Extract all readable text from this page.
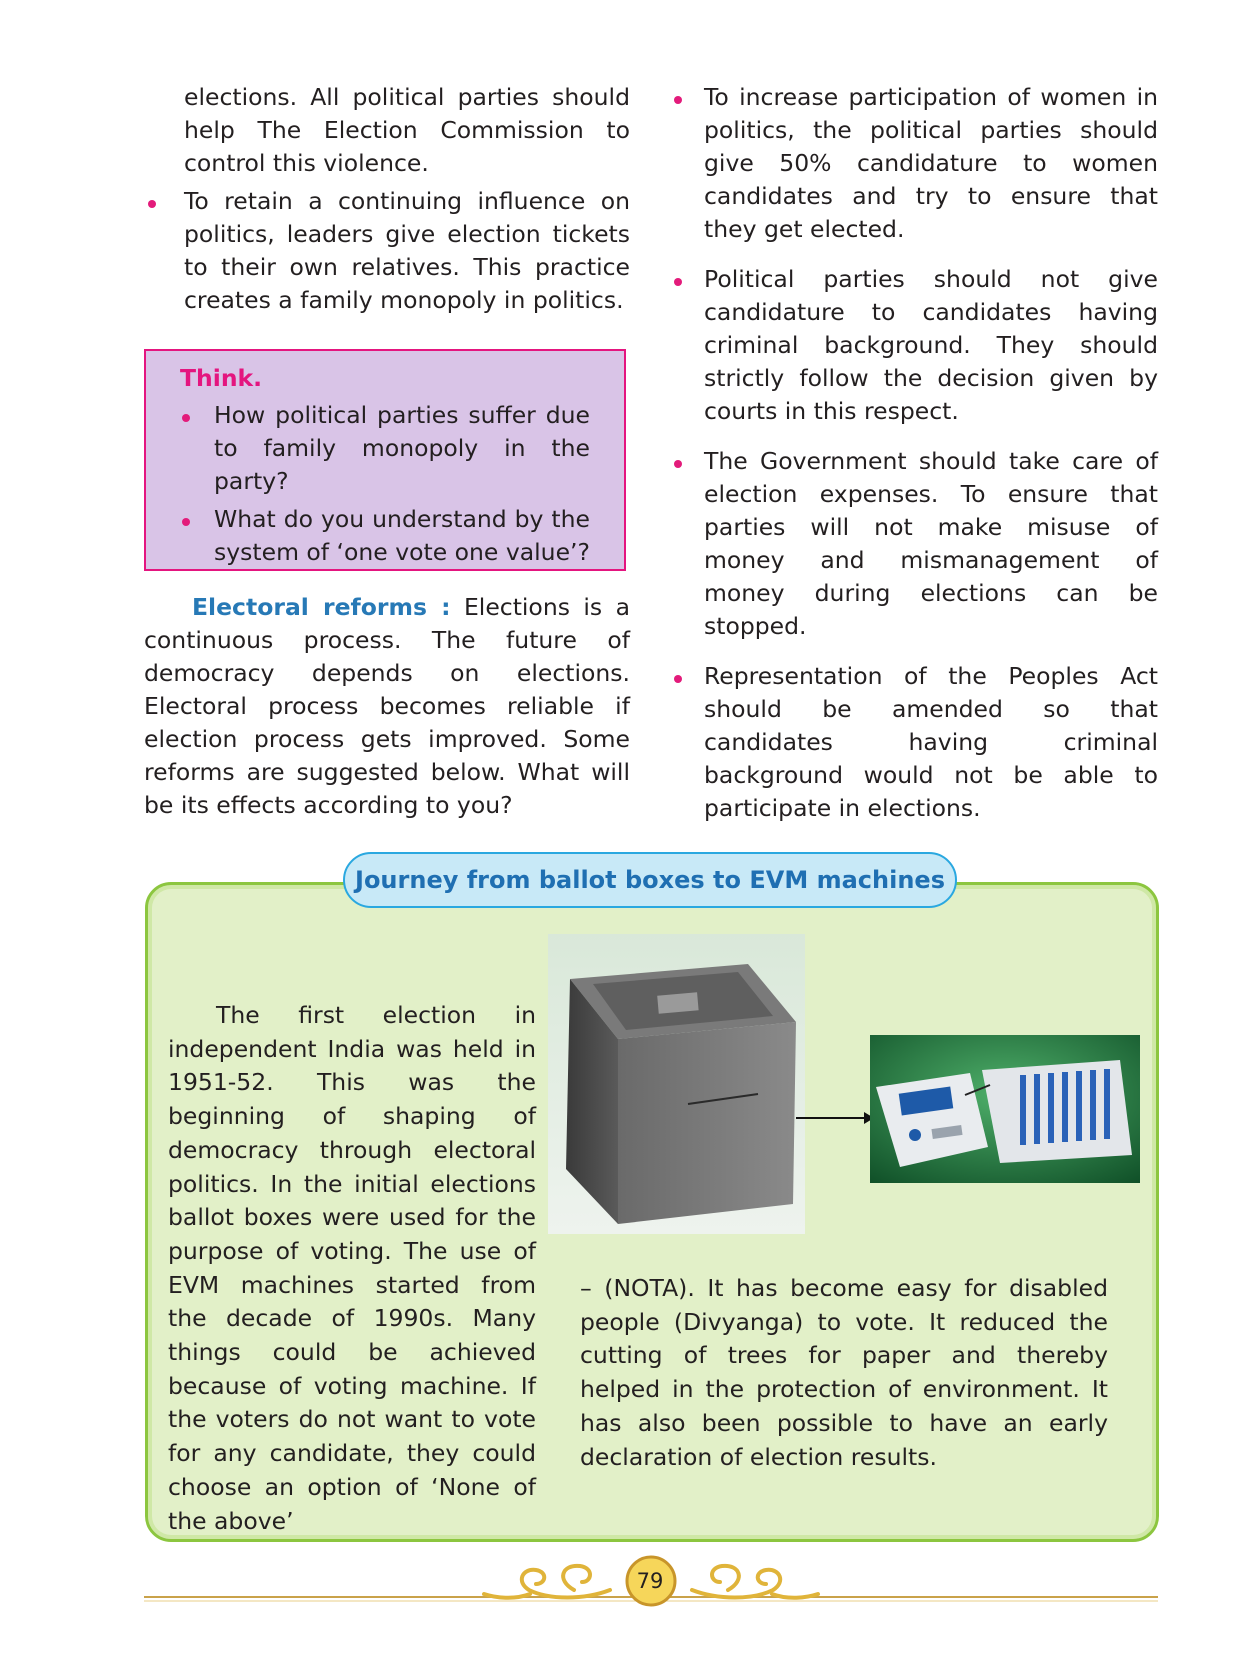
elections. All political parties should help The Election Commission to control this violence.

To retain a continuing influence on politics, leaders give election tickets to their own relatives. This practice creates a family monopoly in politics.

Think.

How political parties suffer due to family monopoly in the party?

What do you understand by the system of ‘one vote one value’?

Electoral reforms : Elections is a continuous process. The future of democracy depends on elections. Electoral process becomes reliable if election process gets improved. Some reforms are suggested below. What will be its effects according to you?

To increase participation of women in politics, the political parties should give 50% candidature to women candidates and try to ensure that they get elected.

Political parties should not give candidature to candidates having criminal background. They should strictly follow the decision given by courts in this respect.

The Government should take care of election expenses. To ensure that parties will not make misuse of money and mismanagement of money during elections can be stopped.

Representation of the Peoples Act should be amended so that candidates having criminal background would not be able to participate in elections.

Journey from ballot boxes to EVM machines

The first election in independent India was held in 1951-52. This was the beginning of shaping of democracy through electoral politics. In the initial elections ballot boxes were used for the purpose of voting. The use of EVM machines started from the decade of 1990s. Many things could be achieved because of voting machine. If the voters do not want to vote for any candidate, they could choose an option of ‘None of the above’

– (NOTA). It has become easy for disabled people (Divyanga) to vote. It reduced the cutting of trees for paper and thereby helped in the protection of environment. It has also been possible to have an early declaration of election results.

79
